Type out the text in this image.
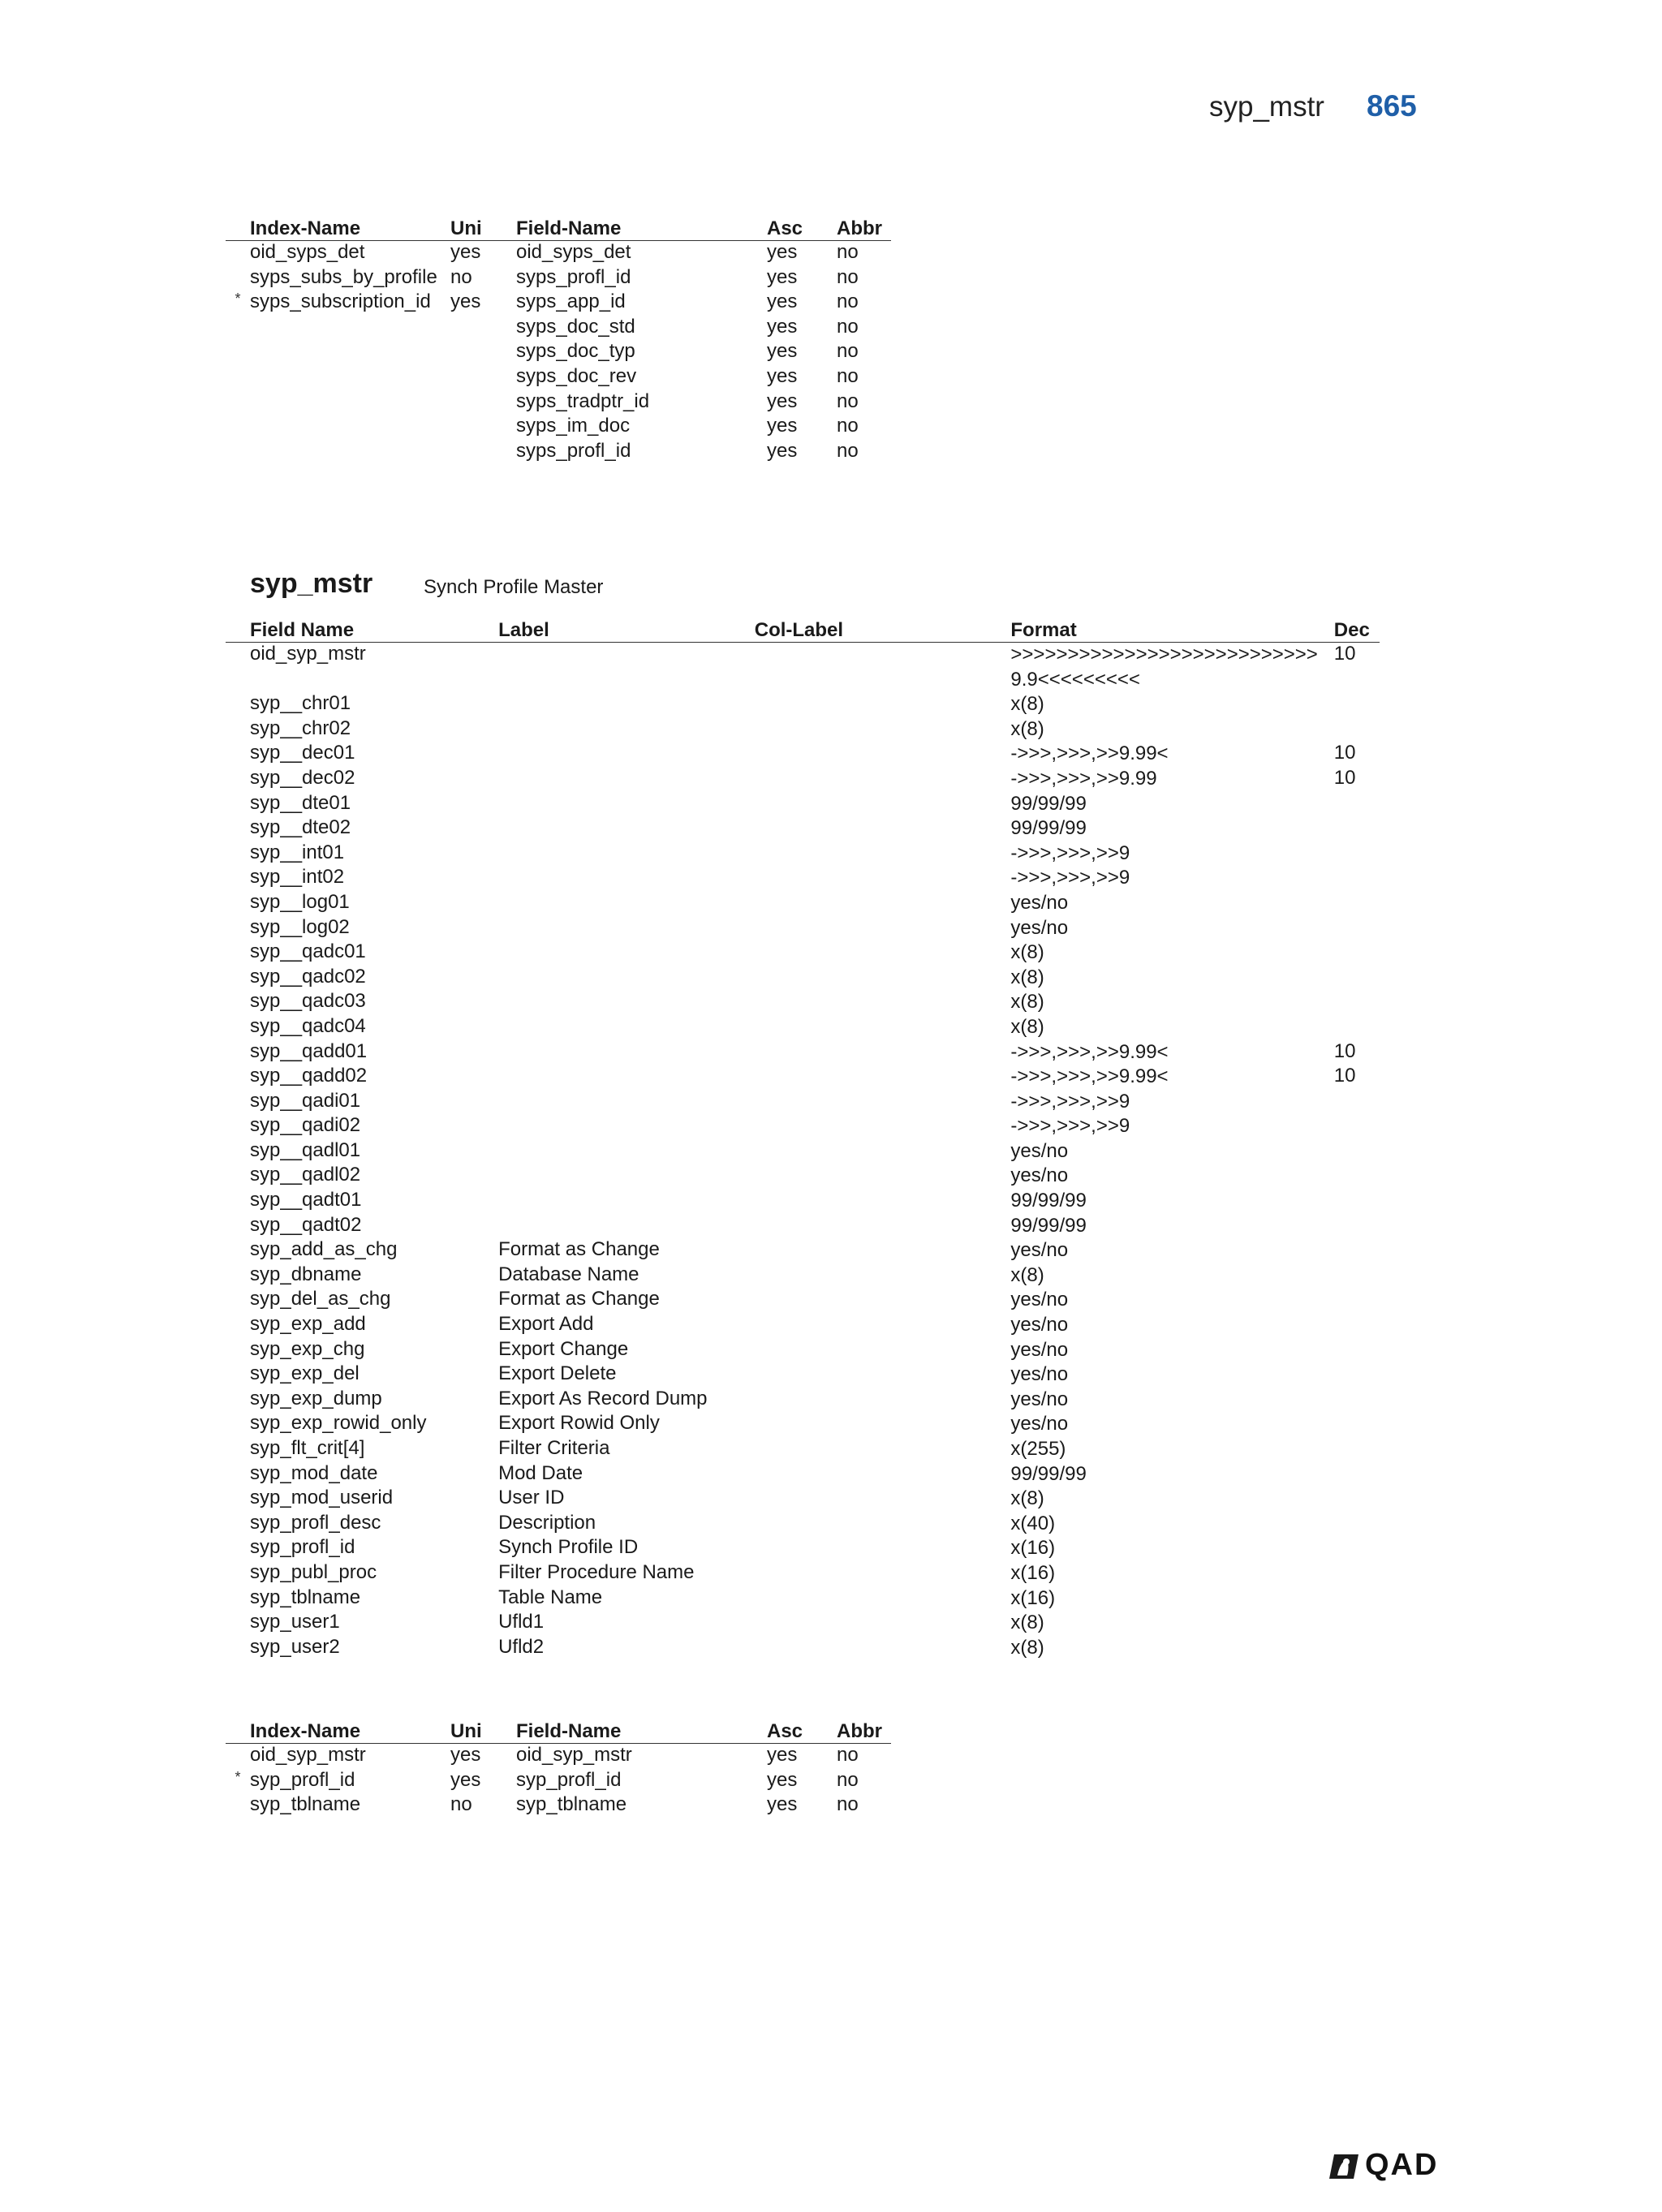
syp_mstr 865
	Index-Name	Uni	Field-Name	Asc	Abbr
	oid_syps_det	yes	oid_syps_det	yes	no
	syps_subs_by_profile	no	syps_profl_id	yes	no
*	syps_subscription_id	yes	syps_app_id	yes	no
			syps_doc_std	yes	no
			syps_doc_typ	yes	no
			syps_doc_rev	yes	no
			syps_tradptr_id	yes	no
			syps_im_doc	yes	no
			syps_profl_id	yes	no
syp_mstr	Synch Profile Master
Field Name	Label	Col-Label	Format	Dec
oid_syp_mstr			>>>>>>>>>>>>>>>>>>>>>>>>>>>9.9<<<<<<<<<	10
syp__chr01			x(8)	
syp__chr02			x(8)	
syp__dec01			->>>,>>>,>>9.99<	10
syp__dec02			->>>,>>>,>>9.99	10
syp__dte01			99/99/99	
syp__dte02			99/99/99	
syp__int01			->>>,>>>,>>9	
syp__int02			->>>,>>>,>>9	
syp__log01			yes/no	
syp__log02			yes/no	
syp__qadc01			x(8)	
syp__qadc02			x(8)	
syp__qadc03			x(8)	
syp__qadc04			x(8)	
syp__qadd01			->>>,>>>,>>9.99<	10
syp__qadd02			->>>,>>>,>>9.99<	10
syp__qadi01			->>>,>>>,>>9	
syp__qadi02			->>>,>>>,>>9	
syp__qadl01			yes/no	
syp__qadl02			yes/no	
syp__qadt01			99/99/99	
syp__qadt02			99/99/99	
syp_add_as_chg	Format as Change		yes/no	
syp_dbname	Database Name		x(8)	
syp_del_as_chg	Format as Change		yes/no	
syp_exp_add	Export Add		yes/no	
syp_exp_chg	Export Change		yes/no	
syp_exp_del	Export Delete		yes/no	
syp_exp_dump	Export As Record Dump		yes/no	
syp_exp_rowid_only	Export Rowid Only		yes/no	
syp_flt_crit[4]	Filter Criteria		x(255)	
syp_mod_date	Mod Date		99/99/99	
syp_mod_userid	User ID		x(8)	
syp_profl_desc	Description		x(40)	
syp_profl_id	Synch Profile ID		x(16)	
syp_publ_proc	Filter Procedure Name		x(16)	
syp_tblname	Table Name		x(16)	
syp_user1	Ufld1		x(8)	
syp_user2	Ufld2		x(8)	
	Index-Name	Uni	Field-Name	Asc	Abbr
	oid_syp_mstr	yes	oid_syp_mstr	yes	no
*	syp_profl_id	yes	syp_profl_id	yes	no
	syp_tblname	no	syp_tblname	yes	no
QAD
